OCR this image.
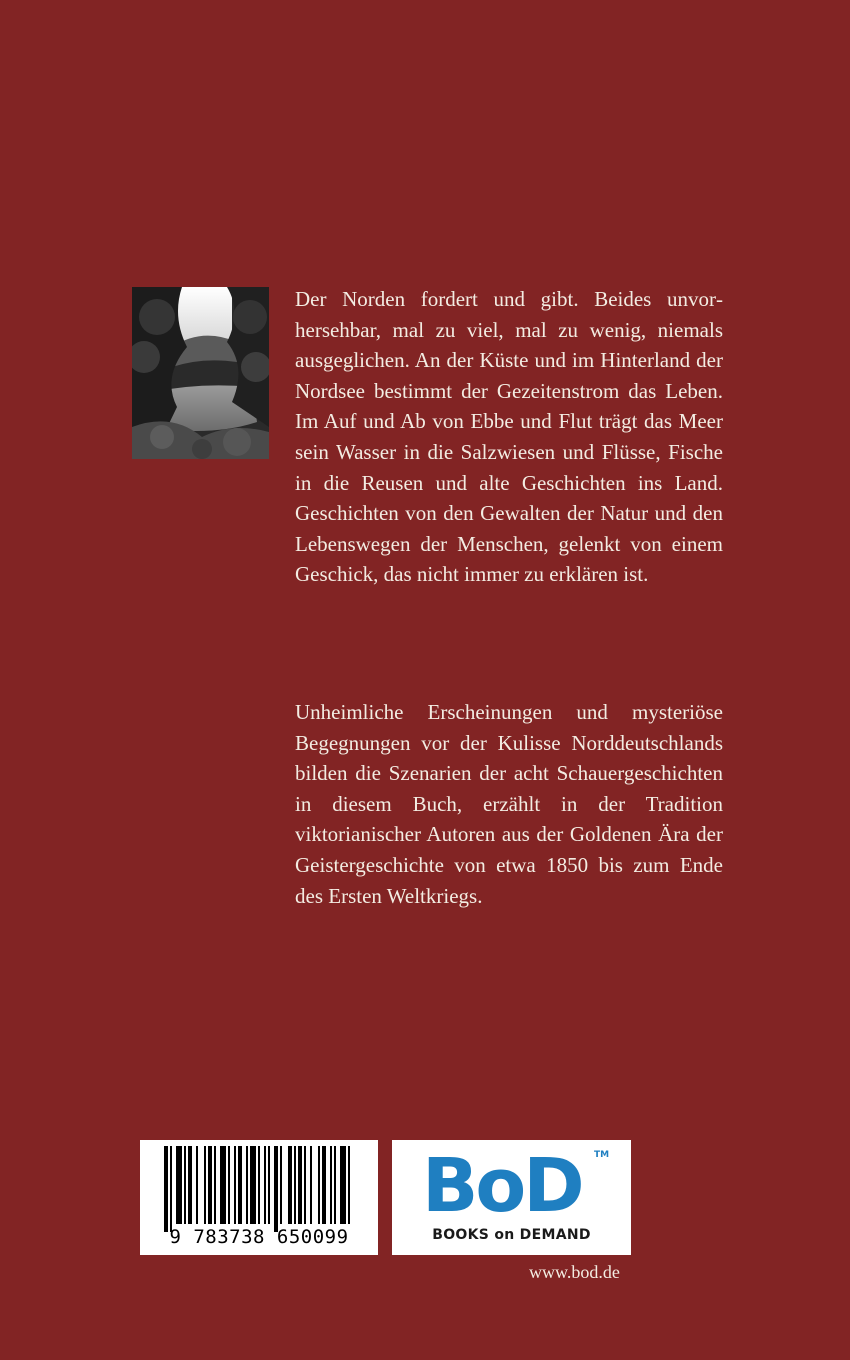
Der Norden fordert und gibt. Beides unvorhersehbar, mal zu viel, mal zu wenig, niemals ausgeglichen. An der Küste und im Hinterland der Nordsee bestimmt der Gezeitenstrom das Leben. Im Auf und Ab von Ebbe und Flut trägt das Meer sein Wasser in die Salzwiesen und Flüsse, Fische in die Reusen und alte Geschichten ins Land. Geschichten von den Gewalten der Natur und den Lebenswegen der Menschen, gelenkt von einem Geschick, das nicht immer zu erklären ist.

Unheimliche Erscheinungen und mysteriöse Begegnungen vor der Kulisse Norddeutschlands bilden die Szenarien der acht Schauergeschichten in diesem Buch, erzählt in der Tradition viktorianischer Autoren aus der Goldenen Ära der Geistergeschichte von etwa 1850 bis zum Ende des Ersten Weltkriegs.

9 783738 650099
BoD TM
BOOKS on DEMAND
www.bod.de
